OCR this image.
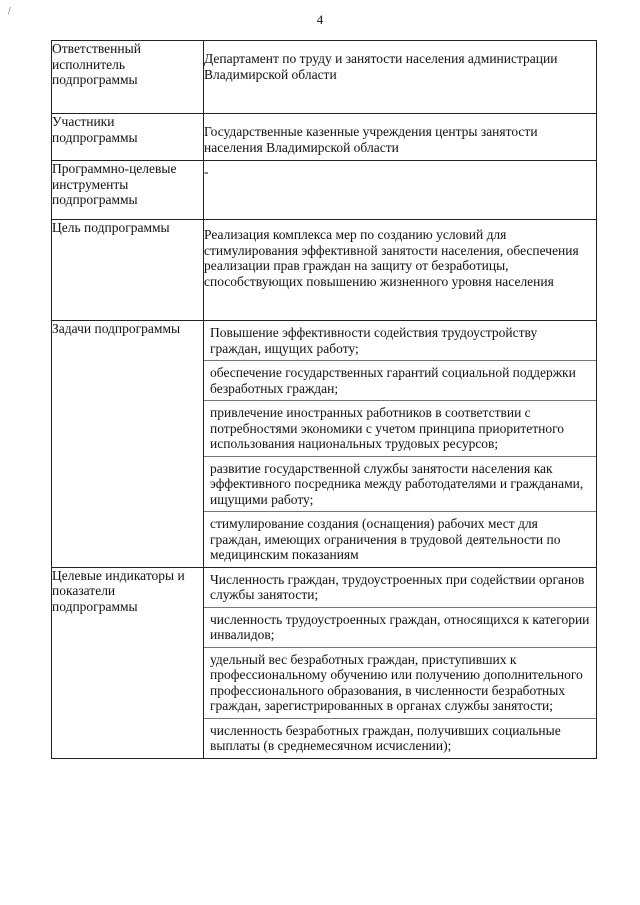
/
4
Ответственный исполнитель подпрограммы	Департамент по труду и занятости населения администрации Владимирской области
Участники подпрограммы	Государственные казенные учреждения центры занятости населения Владимирской области
Программно-целевые инструменты подпрограммы	-
Цель подпрограммы	Реализация комплекса мер по созданию условий для стимулирования эффективной занятости населения, обеспечения реализации прав граждан на защиту от безработицы, способствующих повышению жизненного уровня населения
Задачи подпрограммы	Повышение эффективности содействия трудоустройству граждан, ищущих работу;
обеспечение государственных гарантий социальной поддержки безработных граждан;
привлечение иностранных работников в соответствии с потребностями экономики с учетом принципа приоритетного использования национальных трудовых ресурсов;
развитие государственной службы занятости населения как эффективного посредника между работодателями и гражданами, ищущими работу;
стимулирование создания (оснащения) рабочих мест для граждан, имеющих ограничения в трудовой деятельности по медицинским показаниям

Целевые индикаторы и показатели подпрограммы	Численность граждан, трудоустроенных при содействии органов службы занятости;
численность трудоустроенных граждан, относящихся к категории инвалидов;
удельный вес безработных граждан, приступивших к профессиональному обучению или получению дополнительного профессионального образования, в численности безработных граждан, зарегистрированных в органах службы занятости;
численность безработных граждан, получивших социальные выплаты (в среднемесячном исчислении);
